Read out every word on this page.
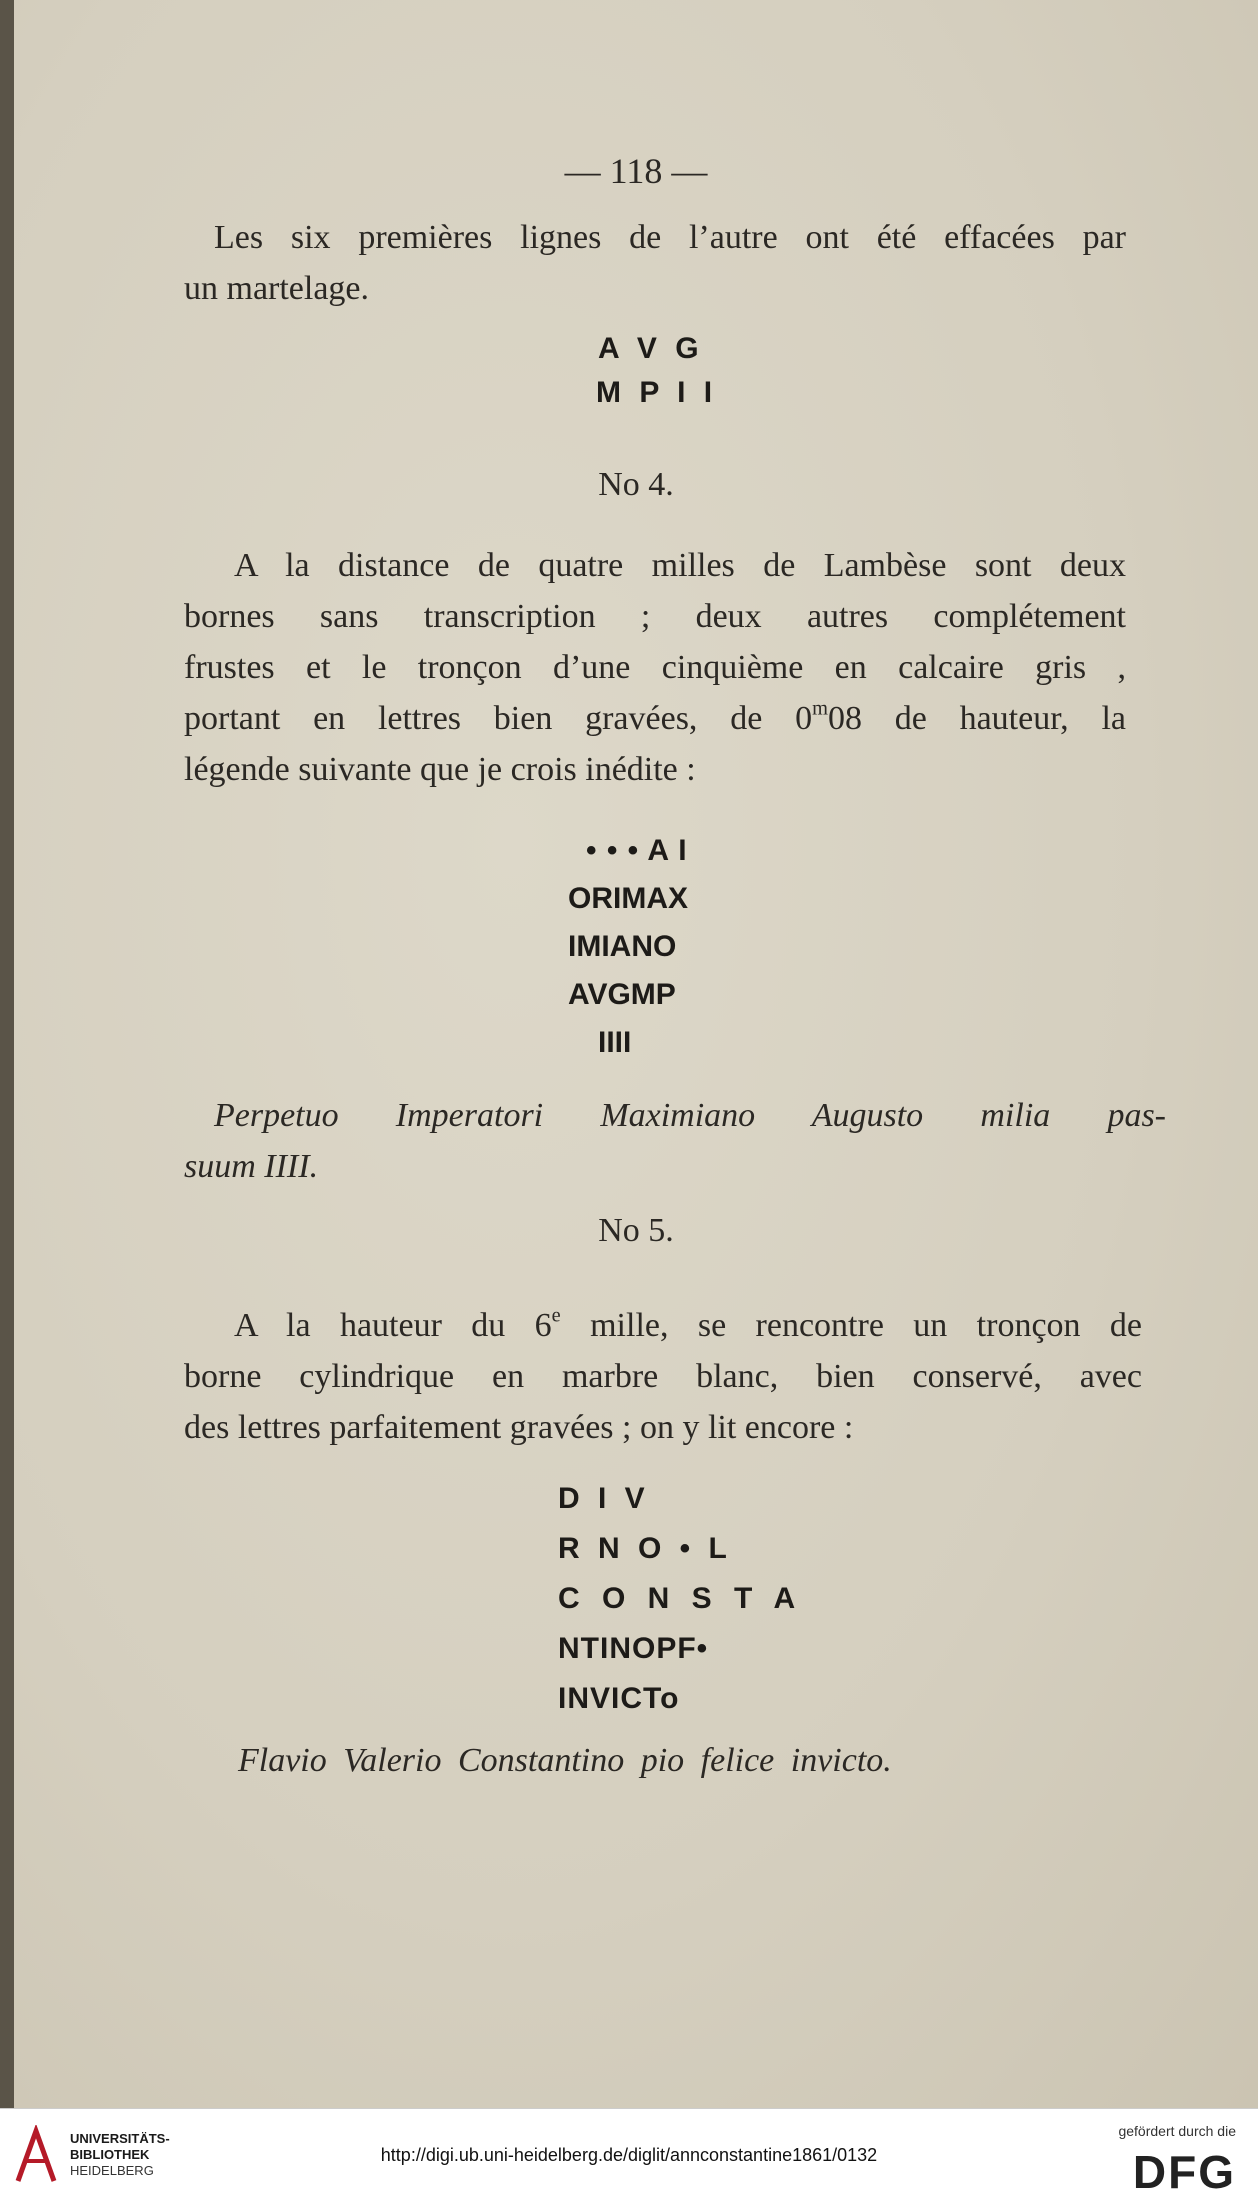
— 118 —
Les six premières lignes de l’autre ont été effacées par
un martelage.
A V G
M P I I
No 4.
A la distance de quatre milles de Lambèse sont deux
bornes sans transcription ; deux autres complétement
frustes et le tronçon d’une cinquième en calcaire gris ,
portant en lettres bien gravées, de 0$^m$08 de hauteur, la
légende suivante que je crois inédite :
• • • A I
ORIMAX
IMIANO
AVGMP
IIII
Perpetuo Imperatori Maximiano Augusto milia pas-
suum IIII.
No 5.
A la hauteur du 6e mille, se rencontre un tronçon de
borne cylindrique en marbre blanc, bien conservé, avec
des lettres parfaitement gravées ; on y lit encore :
D I V
R N O • L
C O N S T A
NTINOPF•
INVICTo
Flavio Valerio Constantino pio felice invicto.
UNIVERSITÄTS-
BIBLIOTHEK
HEIDELBERG
http://digi.ub.uni-heidelberg.de/diglit/annconstantine1861/0132
gefördert durch die
DFG
